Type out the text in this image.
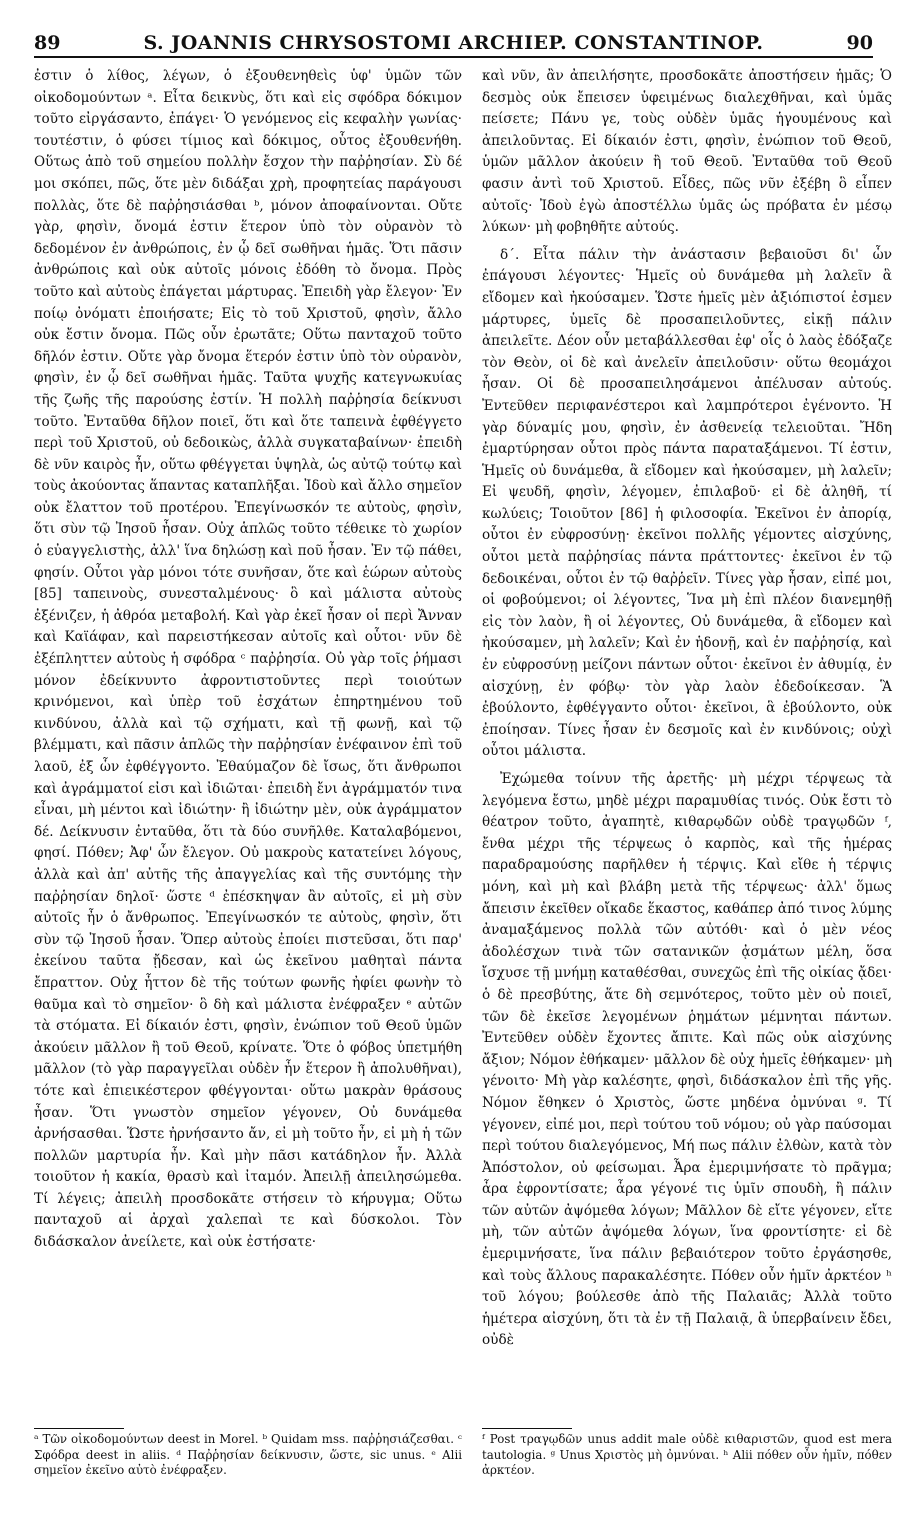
89	S. JOANNIS CHRYSOSTOMI ARCHIEP. CONSTANTINOP.	90

ἐστιν ὁ λίθος, λέγων, ὁ ἐξουθενηθεὶς ὑφ' ὑμῶν τῶν οἰκοδομούντων ᵃ. Εἶτα δεικνὺς, ὅτι καὶ εἰς σφόδρα δόκιμον τοῦτο εἰργάσαντο, ἐπάγει· Ὁ γενόμενος εἰς κεφαλὴν γωνίας· τουτέστιν, ὁ φύσει τίμιος καὶ δόκιμος, οὗτος ἐξουθενήθη. Οὕτως ἀπὸ τοῦ σημείου πολλὴν ἔσχον τὴν παῤῥησίαν. Σὺ δέ μοι σκόπει, πῶς, ὅτε μὲν διδάξαι χρὴ, προφητείας παράγουσι πολλὰς, ὅτε δὲ παῤῥησιάσθαι ᵇ, μόνον ἀποφαίνονται. Οὔτε γὰρ, φησὶν, ὄνομά ἐστιν ἕτερον ὑπὸ τὸν οὐρανὸν τὸ δεδομένον ἐν ἀνθρώποις, ἐν ᾧ δεῖ σωθῆναι ἡμᾶς. Ὅτι πᾶσιν ἀνθρώποις καὶ οὐκ αὐτοῖς μόνοις ἐδόθη τὸ ὄνομα. Πρὸς τοῦτο καὶ αὐτοὺς ἐπάγεται μάρτυρας. Ἐπειδὴ γὰρ ἔλεγον· Ἐν ποίῳ ὀνόματι ἐποιήσατε; Εἰς τὸ τοῦ Χριστοῦ, φησὶν, ἄλλο οὐκ ἔστιν ὄνομα. Πῶς οὖν ἐρωτᾶτε; Οὕτω πανταχοῦ τοῦτο δῆλόν ἐστιν. Οὔτε γὰρ ὄνομα ἕτερόν ἐστιν ὑπὸ τὸν οὐρανὸν, φησὶν, ἐν ᾧ δεῖ σωθῆναι ἡμᾶς. Ταῦτα ψυχῆς κατεγνωκυίας τῆς ζωῆς τῆς παρούσης ἐστίν. Ἡ πολλὴ παῤῥησία δείκνυσι τοῦτο. Ἐνταῦθα δῆλον ποιεῖ, ὅτι καὶ ὅτε ταπεινὰ ἐφθέγγετο περὶ τοῦ Χριστοῦ, οὐ δεδοικὼς, ἀλλὰ συγκαταβαίνων· ἐπειδὴ δὲ νῦν καιρὸς ἦν, οὕτω φθέγγεται ὑψηλὰ, ὡς αὐτῷ τούτῳ καὶ τοὺς ἀκούοντας ἅπαντας καταπλῆξαι. Ἰδοὺ καὶ ἄλλο σημεῖον οὐκ ἔλαττον τοῦ προτέρου. Ἐπεγίνωσκόν τε αὐτοὺς, φησὶν, ὅτι σὺν τῷ Ἰησοῦ ἦσαν. Οὐχ ἁπλῶς τοῦτο τέθεικε τὸ χωρίον ὁ εὐαγγελιστὴς, ἀλλ' ἵνα δηλώσῃ καὶ ποῦ ἦσαν. Ἐν τῷ πάθει, φησίν. Οὗτοι γὰρ μόνοι τότε συνῆσαν, ὅτε καὶ ἑώρων αὐτοὺς [85] ταπεινοὺς, συνεσταλμένους· ὃ καὶ μάλιστα αὐτοὺς ἐξένιζεν, ἡ ἀθρόα μεταβολή. Καὶ γὰρ ἐκεῖ ἦσαν οἱ περὶ Ἄνναν καὶ Καϊάφαν, καὶ παρειστήκεσαν αὐτοῖς καὶ οὗτοι· νῦν δὲ ἐξέπληττεν αὐτοὺς ἡ σφόδρα ᶜ παῤῥησία. Οὐ γὰρ τοῖς ῥήμασι μόνον ἐδείκνυντο ἀφροντιστοῦντες περὶ τοιούτων κρινόμενοι, καὶ ὑπὲρ τοῦ ἐσχάτων ἐπηρτημένου τοῦ κινδύνου, ἀλλὰ καὶ τῷ σχήματι, καὶ τῇ φωνῇ, καὶ τῷ βλέμματι, καὶ πᾶσιν ἁπλῶς τὴν παῤῥησίαν ἐνέφαινον ἐπὶ τοῦ λαοῦ, ἐξ ὧν ἐφθέγγοντο. Ἐθαύμαζον δὲ ἴσως, ὅτι ἄνθρωποι καὶ ἀγράμματοί εἰσι καὶ ἰδιῶται· ἐπειδὴ ἔνι ἀγράμματόν τινα εἶναι, μὴ μέντοι καὶ ἰδιώτην· ἢ ἰδιώτην μὲν, οὐκ ἀγράμματον δέ. Δείκνυσιν ἐνταῦθα, ὅτι τὰ δύο συνῆλθε. Καταλαβόμενοι, φησί. Πόθεν; Ἀφ' ὧν ἔλεγον. Οὐ μακροὺς κατατείνει λόγους, ἀλλὰ καὶ ἀπ' αὐτῆς τῆς ἀπαγγελίας καὶ τῆς συντόμης τὴν παῤῥησίαν δηλοῖ· ὥστε ᵈ ἐπέσκηψαν ἂν αὐτοῖς, εἰ μὴ σὺν αὐτοῖς ἦν ὁ ἄνθρωπος. Ἐπεγίνωσκόν τε αὐτοὺς, φησὶν, ὅτι σὺν τῷ Ἰησοῦ ἦσαν. Ὅπερ αὐτοὺς ἐποίει πιστεῦσαι, ὅτι παρ' ἐκείνου ταῦτα ᾔδεσαν, καὶ ὡς ἐκεῖνου μαθηταὶ πάντα ἔπραττον. Οὐχ ἧττον δὲ τῆς τούτων φωνῆς ἠφίει φωνὴν τὸ θαῦμα καὶ τὸ σημεῖον· ὃ δὴ καὶ μάλιστα ἐνέφραξεν ᵉ αὐτῶν τὰ στόματα. Εἰ δίκαιόν ἐστι, φησὶν, ἐνώπιον τοῦ Θεοῦ ὑμῶν ἀκούειν μᾶλλον ἢ τοῦ Θεοῦ, κρίνατε. Ὅτε ὁ φόβος ὑπετμήθη μᾶλλον (τὸ γὰρ παραγγεῖλαι οὐδὲν ἦν ἕτερον ἢ ἀπολυθῆναι), τότε καὶ ἐπιεικέστερον φθέγγονται· οὕτω μακρὰν θράσους ἦσαν. Ὅτι γνωστὸν σημεῖον γέγονεν, Οὐ δυνάμεθα ἀρνήσασθαι. Ὥστε ἠρνήσαντο ἄν, εἰ μὴ τοῦτο ἦν, εἰ μὴ ἡ τῶν πολλῶν μαρτυρία ἦν. Καὶ μὴν πᾶσι κατάδηλον ἦν. Ἀλλὰ τοιοῦτον ἡ κακία, θρασὺ καὶ ἰταμόν. Ἀπειλῇ ἀπειλησώμεθα. Τί λέγεις; ἀπειλὴ προσδοκᾶτε στήσειν τὸ κήρυγμα; Οὕτω πανταχοῦ αἱ ἀρχαὶ χαλεπαὶ τε καὶ δύσκολοι. Τὸν διδάσκαλον ἀνείλετε, καὶ οὐκ ἐστήσατε·

καὶ νῦν, ἂν ἀπειλήσητε, προσδοκᾶτε ἀποστήσειν ἡμᾶς; Ὁ δεσμὸς οὐκ ἔπεισεν ὑφειμένως διαλεχθῆναι, καὶ ὑμᾶς πείσετε; Πάνυ γε, τοὺς οὐδὲν ὑμᾶς ἡγουμένους καὶ ἀπειλοῦντας. Εἰ δίκαιόν ἐστι, φησὶν, ἐνώπιον τοῦ Θεοῦ, ὑμῶν μᾶλλον ἀκούειν ἢ τοῦ Θεοῦ. Ἐνταῦθα τοῦ Θεοῦ φασιν ἀντὶ τοῦ Χριστοῦ. Εἶδες, πῶς νῦν ἐξέβη ὃ εἶπεν αὐτοῖς· Ἰδοὺ ἐγὼ ἀποστέλλω ὑμᾶς ὡς πρόβατα ἐν μέσῳ λύκων· μὴ φοβηθῆτε αὐτούς.

δ΄. Εἶτα πάλιν τὴν ἀνάστασιν βεβαιοῦσι δι' ὧν ἐπάγουσι λέγοντες· Ἡμεῖς οὐ δυνάμεθα μὴ λαλεῖν ἃ εἴδομεν καὶ ἠκούσαμεν. Ὥστε ἡμεῖς μὲν ἀξιόπιστοί ἐσμεν μάρτυρες, ὑμεῖς δὲ προσαπειλοῦντες, εἰκῇ πάλιν ἀπειλεῖτε. Δέον οὖν μεταβάλλεσθαι ἐφ' οἷς ὁ λαὸς ἐδόξαζε τὸν Θεὸν, οἱ δὲ καὶ ἀνελεῖν ἀπειλοῦσιν· οὕτω θεομάχοι ἦσαν. Οἱ δὲ προσαπειλησάμενοι ἀπέλυσαν αὐτούς. Ἐντεῦθεν περιφανέστεροι καὶ λαμπρότεροι ἐγένοντο. Ἡ γὰρ δύναμίς μου, φησὶν, ἐν ἀσθενείᾳ τελειοῦται. Ἤδη ἐμαρτύρησαν οὗτοι πρὸς πάντα παραταξάμενοι. Τί ἐστιν, Ἡμεῖς οὐ δυνάμεθα, ἃ εἴδομεν καὶ ἠκούσαμεν, μὴ λαλεῖν; Εἰ ψευδῆ, φησὶν, λέγομεν, ἐπιλαβοῦ· εἰ δὲ ἀληθῆ, τί κωλύεις; Τοιοῦτον [86] ἡ φιλοσοφία. Ἐκεῖνοι ἐν ἀπορίᾳ, οὗτοι ἐν εὐφροσύνῃ· ἐκεῖνοι πολλῆς γέμοντες αἰσχύνης, οὗτοι μετὰ παῤῥησίας πάντα πράττοντες· ἐκεῖνοι ἐν τῷ δεδοικέναι, οὗτοι ἐν τῷ θαῤῥεῖν. Τίνες γὰρ ἦσαν, εἰπέ μοι, οἱ φοβούμενοι; οἱ λέγοντες, Ἵνα μὴ ἐπὶ πλέον διανεμηθῇ εἰς τὸν λαὸν, ἢ οἱ λέγοντες, Οὐ δυνάμεθα, ἃ εἴδομεν καὶ ἠκούσαμεν, μὴ λαλεῖν; Καὶ ἐν ἡδονῇ, καὶ ἐν παῤῥησίᾳ, καὶ ἐν εὐφροσύνῃ μείζονι πάντων οὗτοι· ἐκεῖνοι ἐν ἀθυμίᾳ, ἐν αἰσχύνῃ, ἐν φόβῳ· τὸν γὰρ λαὸν ἐδεδοίκεσαν. Ἃ ἐβούλοντο, ἐφθέγγαντο οὗτοι· ἐκεῖνοι, ἃ ἐβούλοντο, οὐκ ἐποίησαν. Τίνες ἦσαν ἐν δεσμοῖς καὶ ἐν κινδύνοις; οὐχὶ οὗτοι μάλιστα.

Ἐχώμεθα τοίνυν τῆς ἀρετῆς· μὴ μέχρι τέρψεως τὰ λεγόμενα ἔστω, μηδὲ μέχρι παραμυθίας τινός. Οὐκ ἔστι τὸ θέατρον τοῦτο, ἀγαπητὲ, κιθαρῳδῶν οὐδὲ τραγῳδῶν ᶠ, ἔνθα μέχρι τῆς τέρψεως ὁ καρπὸς, καὶ τῆς ἡμέρας παραδραμούσης παρῆλθεν ἡ τέρψις. Καὶ εἴθε ἡ τέρψις μόνη, καὶ μὴ καὶ βλάβη μετὰ τῆς τέρψεως· ἀλλ' ὅμως ἄπεισιν ἐκεῖθεν οἴκαδε ἕκαστος, καθάπερ ἀπό τινος λύμης ἀναμαξάμενος πολλὰ τῶν αὐτόθι· καὶ ὁ μὲν νέος ἀδολέσχων τινὰ τῶν σατανικῶν ᾀσμάτων μέλη, ὅσα ἴσχυσε τῇ μνήμῃ καταθέσθαι, συνεχῶς ἐπὶ τῆς οἰκίας ᾄδει· ὁ δὲ πρεσβύτης, ἅτε δὴ σεμνότερος, τοῦτο μὲν οὐ ποιεῖ, τῶν δὲ ἐκεῖσε λεγομένων ῥημάτων μέμνηται πάντων. Ἐντεῦθεν οὐδὲν ἔχοντες ἄπιτε. Καὶ πῶς οὐκ αἰσχύνης ἄξιον; Νόμον ἐθήκαμεν· μᾶλλον δὲ οὐχ ἡμεῖς ἐθήκαμεν· μὴ γένοιτο· Μὴ γὰρ καλέσητε, φησὶ, διδάσκαλον ἐπὶ τῆς γῆς. Νόμον ἔθηκεν ὁ Χριστὸς, ὥστε μηδένα ὀμνύναι ᵍ. Τί γέγονεν, εἰπέ μοι, περὶ τούτου τοῦ νόμου; οὐ γὰρ παύσομαι περὶ τούτου διαλεγόμενος, Μή πως πάλιν ἐλθὼν, κατὰ τὸν Ἀπόστολον, οὐ φείσωμαι. Ἆρα ἐμεριμνήσατε τὸ πρᾶγμα; ἆρα ἐφροντίσατε; ἆρα γέγονέ τις ὑμῖν σπουδὴ, ἢ πάλιν τῶν αὐτῶν ἀψόμεθα λόγων; Μᾶλλον δὲ εἴτε γέγονεν, εἴτε μὴ, τῶν αὐτῶν ἀψόμεθα λόγων, ἵνα φροντίσητε· εἰ δὲ ἐμεριμνήσατε, ἵνα πάλιν βεβαιότερον τοῦτο ἐργάσησθε, καὶ τοὺς ἄλλους παρακαλέσητε. Πόθεν οὖν ἡμῖν ἀρκτέον ʰ τοῦ λόγου; βούλεσθε ἀπὸ τῆς Παλαιᾶς; Ἀλλὰ τοῦτο ἡμέτερα αἰσχύνη, ὅτι τὰ ἐν τῇ Παλαιᾷ, ἃ ὑπερβαίνειν ἔδει, οὐδὲ

ᵃ Τῶν οἰκοδομούντων deest in Morel. ᵇ Quidam mss. παῤῥησιάζεσθαι. ᶜ Σφόδρα deest in aliis. ᵈ Παῤῥησίαν δείκνυσιν, ὥστε, sic unus. ᵉ Alii σημεῖον ἐκεῖνο αὐτὸ ἐνέφραξεν.
ᶠ Post τραγῳδῶν unus addit male οὐδὲ κιθαριστῶν, quod est mera tautologia. ᵍ Unus Χριστὸς μὴ ὀμνύναι. ʰ Alii πόθεν οὖν ἡμῖν, πόθεν ἀρκτέον.
